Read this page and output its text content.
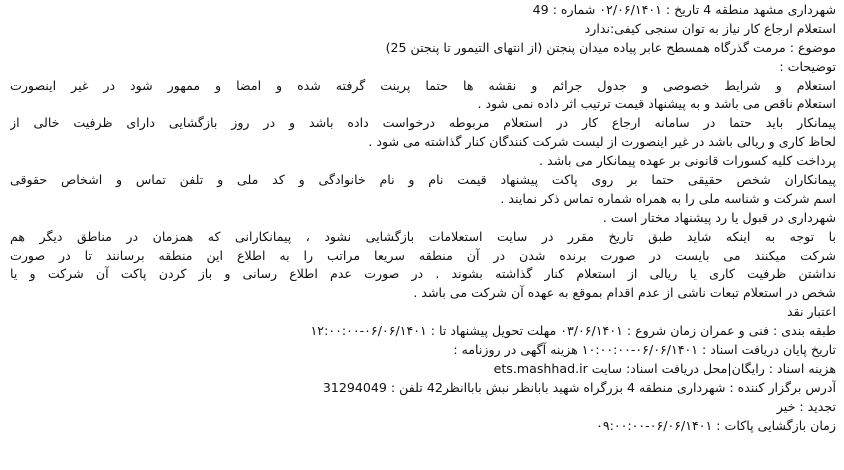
شهرداری مشهد منطقه 4 تاریخ : ۰۲/۰۶/۱۴۰۱ شماره : 49
استعلام ارجاع کار نیاز به توان سنجی کیفی:ندارد
موضوع : مرمت گذرگاه همسطح عابر پیاده میدان پنجتن (از انتهای التیمور تا پنجتن 25)
توضیحات :
استعلام و شرایط خصوصی و جدول جرائم و نقشه ها حتما پرینت گرفته شده و امضا و ممهور شود در غیر اینصورت
استعلام ناقص می باشد و به پیشنهاد قیمت ترتیب اثر داده نمی شود .
پیمانکار باید حتما در سامانه ارجاع کار در استعلام مربوطه درخواست داده باشد و در روز بازگشایی دارای ظرفیت خالی از
لحاظ کاری و ریالی باشد در غیر اینصورت از لیست شرکت کنندگان کنار گذاشته می شود .
پرداخت کلیه کسورات قانونی بر عهده پیمانکار می باشد .
پیمانکاران شخص حقیقی حتما بر روی پاکت پیشنهاد قیمت نام و نام خانوادگی و کد ملی و تلفن تماس و اشخاص حقوقی
اسم شرکت و شناسه ملی را به همراه شماره تماس ذکر نمایند .
شهرداری در قبول یا رد پیشنهاد مختار است .
با توجه به اینکه شاید طبق تاریخ مقرر در سایت استعلامات بازگشایی نشود ، پیمانکارانی که همزمان در مناطق دیگر هم
شرکت میکنند می بایست در صورت برنده شدن در آن منطقه سریعا مراتب را به اطلاع این منطقه برسانند تا در صورت
نداشتن ظرفیت کاری یا ریالی از استعلام کنار گذاشته بشوند . در صورت عدم اطلاع رسانی و باز کردن پاکت آن شرکت و یا
شخص در استعلام تبعات ناشی از عدم اقدام بموقع به عهده آن شرکت می باشد .
اعتبار نقد
طبقه بندی : فنی و عمران زمان شروع : ۰۳/۰۶/۱۴۰۱ مهلت تحویل پیشنهاد تا : ۰۶/۰۶/۱۴۰۱-۱۲:۰۰:۰۰
تاریخ پایان دریافت اسناد : ۰۶/۰۶/۱۴۰۱-۱۰:۰۰:۰۰ هزینه آگهی در روزنامه :
هزینه اسناد : رایگان|محل دریافت اسناد: سایت ets.mashhad.ir
آدرس برگزار کننده : شهرداری منطقه 4 بزرگراه شهید بابانظر نبش باباانظر42 تلفن : 31294049
تجدید : خیر
زمان بازگشایی پاکات : ۰۶/۰۶/۱۴۰۱-۰۹:۰۰:۰۰
